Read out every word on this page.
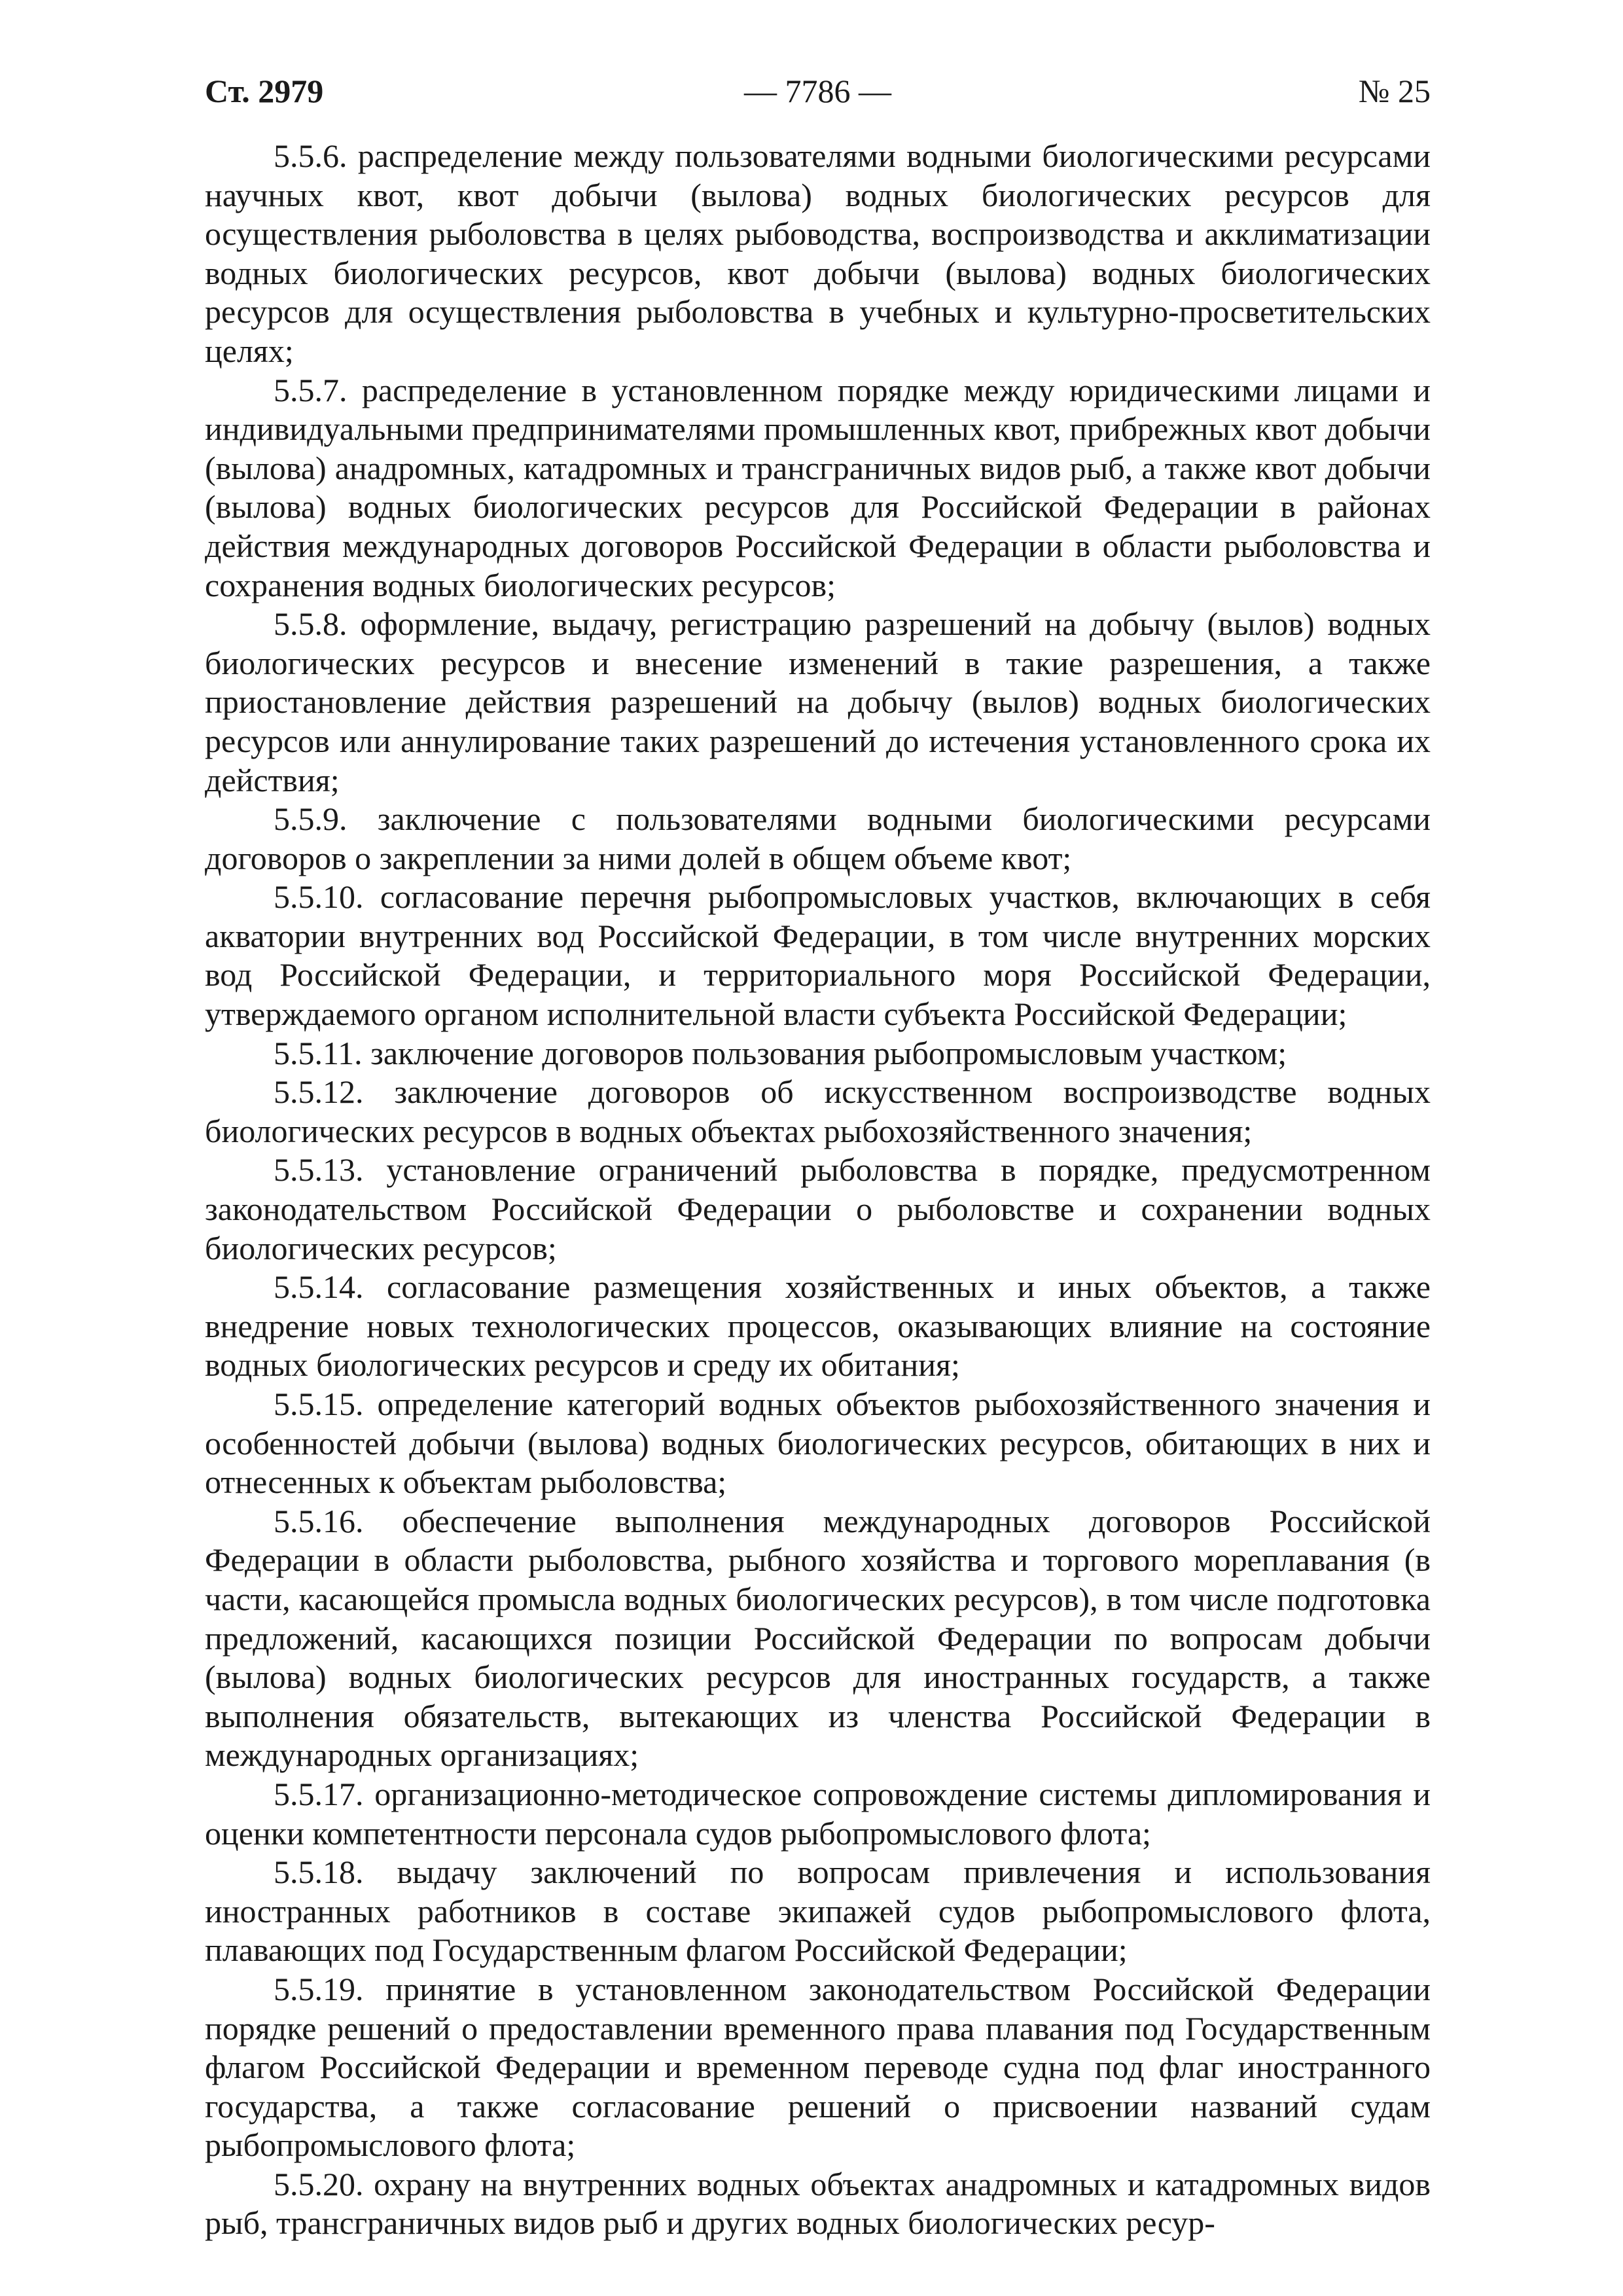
Ст. 2979	— 7786 —	№ 25

5.5.6. распределение между пользователями водными биологическими ресурсами научных квот, квот добычи (вылова) водных биологических ресурсов для осуществления рыболовства в целях рыбоводства, воспроизводства и акклиматизации водных биологических ресурсов, квот добычи (вылова) водных биологических ресурсов для осуществления рыболовства в учебных и культурно-просветительских целях;

5.5.7. распределение в установленном порядке между юридическими лицами и индивидуальными предпринимателями промышленных квот, прибрежных квот добычи (вылова) анадромных, катадромных и трансграничных видов рыб, а также квот добычи (вылова) водных биологических ресурсов для Российской Федерации в районах действия международных договоров Российской Федерации в области рыболовства и сохранения водных биологических ресурсов;

5.5.8. оформление, выдачу, регистрацию разрешений на добычу (вылов) водных биологических ресурсов и внесение изменений в такие разрешения, а также приостановление действия разрешений на добычу (вылов) водных биологических ресурсов или аннулирование таких разрешений до истечения установленного срока их действия;

5.5.9. заключение с пользователями водными биологическими ресурсами договоров о закреплении за ними долей в общем объеме квот;

5.5.10. согласование перечня рыбопромысловых участков, включающих в себя акватории внутренних вод Российской Федерации, в том числе внутренних морских вод Российской Федерации, и территориального моря Российской Федерации, утверждаемого органом исполнительной власти субъекта Российской Федерации;

5.5.11. заключение договоров пользования рыбопромысловым участком;

5.5.12. заключение договоров об искусственном воспроизводстве водных биологических ресурсов в водных объектах рыбохозяйственного значения;

5.5.13. установление ограничений рыболовства в порядке, предусмотренном законодательством Российской Федерации о рыболовстве и сохранении водных биологических ресурсов;

5.5.14. согласование размещения хозяйственных и иных объектов, а также внедрение новых технологических процессов, оказывающих влияние на состояние водных биологических ресурсов и среду их обитания;

5.5.15. определение категорий водных объектов рыбохозяйственного значения и особенностей добычи (вылова) водных биологических ресурсов, обитающих в них и отнесенных к объектам рыболовства;

5.5.16. обеспечение выполнения международных договоров Российской Федерации в области рыболовства, рыбного хозяйства и торгового мореплавания (в части, касающейся промысла водных биологических ресурсов), в том числе подготовка предложений, касающихся позиции Российской Федерации по вопросам добычи (вылова) водных биологических ресурсов для иностранных государств, а также выполнения обязательств, вытекающих из членства Российской Федерации в международных организациях;

5.5.17. организационно-методическое сопровождение системы дипломирования и оценки компетентности персонала судов рыбопромыслового флота;

5.5.18. выдачу заключений по вопросам привлечения и использования иностранных работников в составе экипажей судов рыбопромыслового флота, плавающих под Государственным флагом Российской Федерации;

5.5.19. принятие в установленном законодательством Российской Федерации порядке решений о предоставлении временного права плавания под Государственным флагом Российской Федерации и временном переводе судна под флаг иностранного государства, а также согласование решений о присвоении названий судам рыбопромыслового флота;

5.5.20. охрану на внутренних водных объектах анадромных и катадромных видов рыб, трансграничных видов рыб и других водных биологических ресур-
